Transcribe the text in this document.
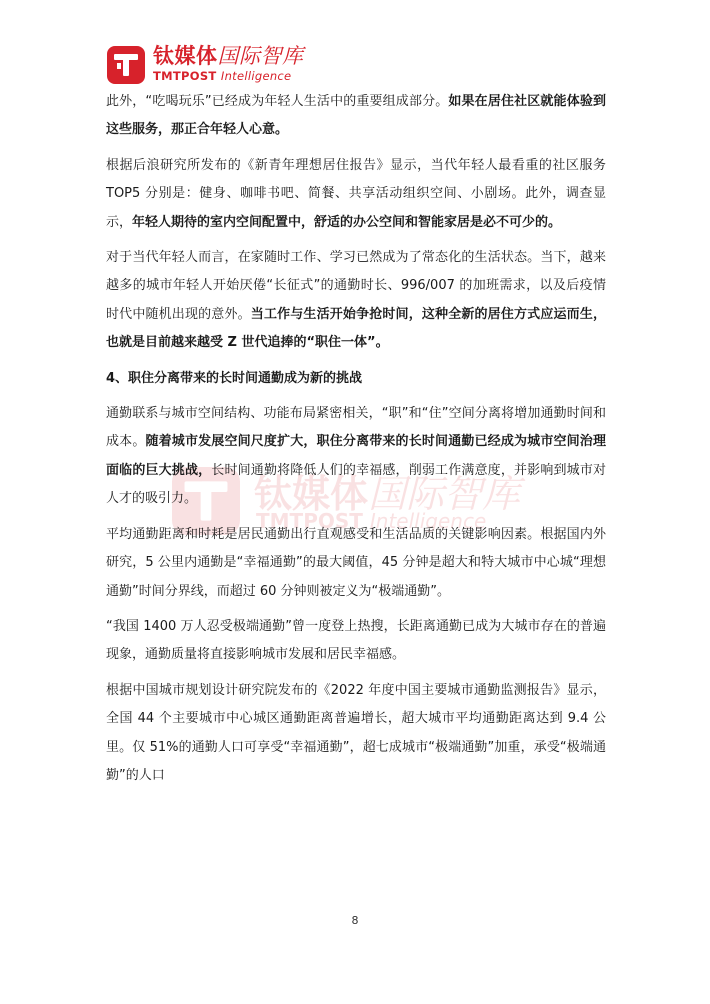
钛媒体国际智库
TMTPOST Intelligence
钛媒体国际智库
TMTPOST Intelligence

此外，“吃喝玩乐”已经成为年轻人生活中的重要组成部分。如果在居住社区就能体验到这些服务，那正合年轻人心意。

根据后浪研究所发布的《新青年理想居住报告》显示，当代年轻人最看重的社区服务 TOP5 分别是：健身、咖啡书吧、简餐、共享活动组织空间、小剧场。此外，调查显示，年轻人期待的室内空间配置中，舒适的办公空间和智能家居是必不可少的。

对于当代年轻人而言，在家随时工作、学习已然成为了常态化的生活状态。当下，越来越多的城市年轻人开始厌倦“长征式”的通勤时长、996/007 的加班需求，以及后疫情时代中随机出现的意外。当工作与生活开始争抢时间，这种全新的居住方式应运而生，也就是目前越来越受 Z 世代追捧的“职住一体”。

4、职住分离带来的长时间通勤成为新的挑战

通勤联系与城市空间结构、功能布局紧密相关，“职”和“住”空间分离将增加通勤时间和成本。随着城市发展空间尺度扩大，职住分离带来的长时间通勤已经成为城市空间治理面临的巨大挑战，长时间通勤将降低人们的幸福感，削弱工作满意度，并影响到城市对人才的吸引力。

平均通勤距离和时耗是居民通勤出行直观感受和生活品质的关键影响因素。根据国内外研究，5 公里内通勤是“幸福通勤”的最大阈值，45 分钟是超大和特大城市中心城“理想通勤”时间分界线，而超过 60 分钟则被定义为“极端通勤”。

“我国 1400 万人忍受极端通勤”曾一度登上热搜，长距离通勤已成为大城市存在的普遍现象，通勤质量将直接影响城市发展和居民幸福感。

根据中国城市规划设计研究院发布的《2022 年度中国主要城市通勤监测报告》显示，全国 44 个主要城市中心城区通勤距离普遍增长，超大城市平均通勤距离达到 9.4 公里。仅 51%的通勤人口可享受“幸福通勤”，超七成城市“极端通勤”加重，承受“极端通勤”的人口

8
